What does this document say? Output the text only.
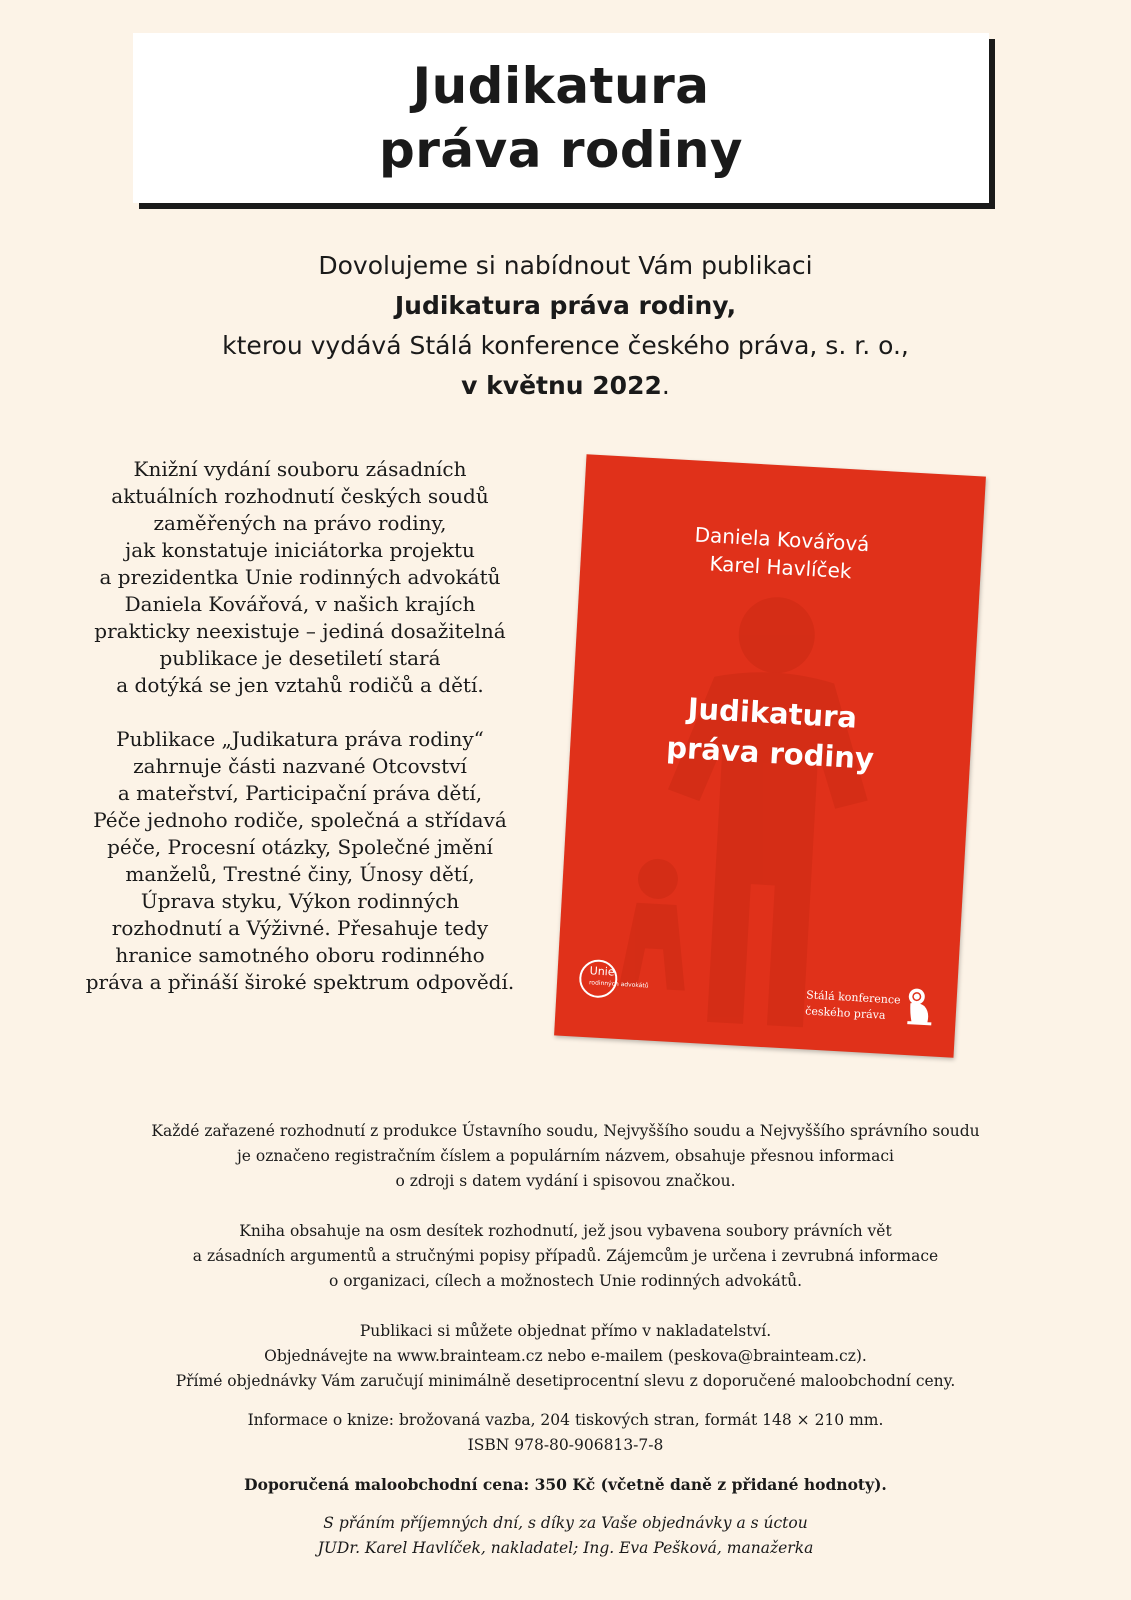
Judikatura
práva rodiny
Dovolujeme si nabídnout Vám publikaci
Judikatura práva rodiny,
kterou vydává Stálá konference českého práva, s. r. o.,
v květnu 2022.

Knižní vydání souboru zásadních
aktuálních rozhodnutí českých soudů
zaměřených na právo rodiny,
jak konstatuje iniciátorka projektu
a prezidentka Unie rodinných advokátů
Daniela Kovářová, v našich krajích
prakticky neexistuje – jediná dosažitelná
publikace je desetiletí stará
a dotýká se jen vztahů rodičů a dětí.

Publikace „Judikatura práva rodiny“
zahrnuje části nazvané Otcovství
a mateřství, Participační práva dětí,
Péče jednoho rodiče, společná a střídavá
péče, Procesní otázky, Společné jmění
manželů, Trestné činy, Únosy dětí,
Úprava styku, Výkon rodinných
rozhodnutí a Výživné. Přesahuje tedy
hranice samotného oboru rodinného
práva a přináší široké spektrum odpovědí.

Daniela Kovářová
Karel Havlíček
Judikatura
práva rodiny
Unie
rodinných advokátů
Stálá konference
českého práva

Každé zařazené rozhodnutí z produkce Ústavního soudu, Nejvyššího soudu a Nejvyššího správního soudu
je označeno registračním číslem a populárním názvem, obsahuje přesnou informaci
o zdroji s datem vydání i spisovou značkou.

Kniha obsahuje na osm desítek rozhodnutí, jež jsou vybavena soubory právních vět
a zásadních argumentů a stručnými popisy případů. Zájemcům je určena i zevrubná informace
o organizaci, cílech a možnostech Unie rodinných advokátů.

Publikaci si můžete objednat přímo v nakladatelství.
Objednávejte na www.brainteam.cz nebo e-mailem (peskova@brainteam.cz).
Přímé objednávky Vám zaručují minimálně desetiprocentní slevu z doporučené maloobchodní ceny.

Informace o knize: brožovaná vazba, 204 tiskových stran, formát 148 × 210 mm.
ISBN 978-80-906813-7-8

Doporučená maloobchodní cena: 350 Kč (včetně daně z přidané hodnoty).

S přáním příjemných dní, s díky za Vaše objednávky a s úctou
JUDr. Karel Havlíček, nakladatel; Ing. Eva Pešková, manažerka
